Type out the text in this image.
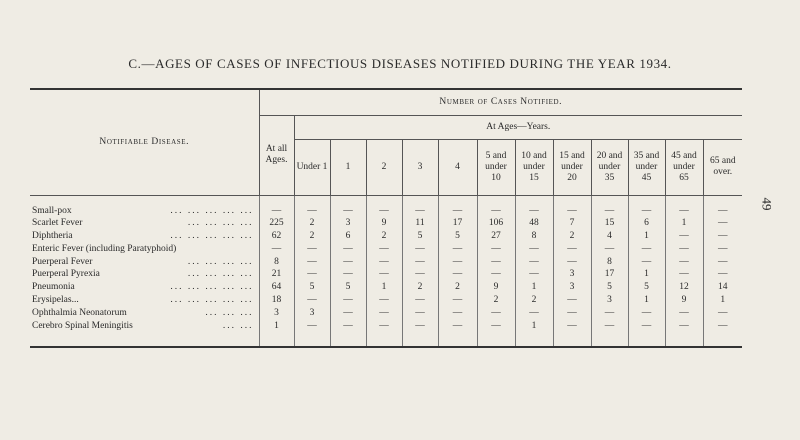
C.—AGES OF CASES OF INFECTIOUS DISEASES NOTIFIED DURING THE YEAR 1934.
49
Notifiable Disease.	Number of Cases Notified.												
	At all Ages.	At Ages—Years.											
		Under 1	1	2	3	4	5 and under 10	10 and under 15	15 and under 20	20 and under 35	35 and under 45	45 and under 65	65 and over.
Small-pox ... ... ... ... ...	—	—	—	—	—	—	—	—	—	—	—	—	—
Scarlet Fever ... ... ... ...	225	2	3	9	11	17	106	48	7	15	6	1	—
Diphtheria ... ... ... ... ...	62	2	6	2	5	5	27	8	2	4	1	—	—
Enteric Fever (including Paratyphoid)	—	—	—	—	—	—	—	—	—	—	—	—	—
Puerperal Fever ... ... ... ...	8	—	—	—	—	—	—	—	—	8	—	—	—
Puerperal Pyrexia ... ... ... ...	21	—	—	—	—	—	—	—	3	17	1	—	—
Pneumonia ... ... ... ... ...	64	5	5	1	2	2	9	1	3	5	5	12	14
Erysipelas... ... ... ... ... ...	18	—	—	—	—	—	2	2	—	3	1	9	1
Ophthalmia Neonatorum ... ... ...	3	3	—	—	—	—	—	—	—	—	—	—	—
Cerebro Spinal Meningitis ... ...	1	—	—	—	—	—	—	1	—	—	—	—	—
